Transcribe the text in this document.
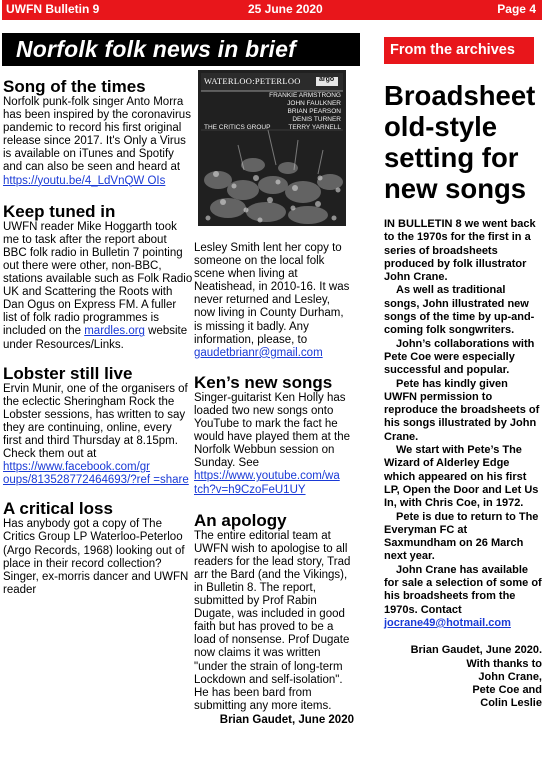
UWFN Bulletin 9	25 June 2020	Page 4
Norfolk folk news in brief	From the archives
Song of the times

Norfolk punk-folk singer Anto Morra has been inspired by the coronavirus pandemic to record his first original release since 2017. It's Only a Virus is available on iTunes and Spotify and can also be seen and heard at https://youtu.be/4_LdVnQW OIs

Keep tuned in

UWFN reader Mike Hoggarth took me to task after the report about BBC folk radio in Bulletin 7 pointing out there were other, non-BBC, stations available such as Folk Radio UK and Scattering the Roots with Dan Ogus on Express FM. A fuller list of folk radio programmes is included on the mardles.org website under Resources/Links.

Lobster still live

Ervin Munir, one of the organisers of the eclectic Sheringham Rock the Lobster sessions, has written to say they are continuing, online, every first and third Thursday at 8.15pm. Check them out at https://www.facebook.com/gr oups/813528772464693/?ref =share

A critical loss

Has anybody got a copy of The Critics Group LP Waterloo-Peterloo (Argo Records, 1968) looking out of place in their record collection? Singer, ex-morris dancer and UWFN reader

WATERLOO:PETERLOO	argo
FRANKIE ARMSTRONG
JOHN FAULKNER
BRIAN PEARSON
DENIS TURNER
TERRY YARNELL
THE CRITICS GROUP

Lesley Smith lent her copy to someone on the local folk scene when living at Neatishead, in 2010-16. It was never returned and Lesley, now living in County Durham, is missing it badly. Any information, please, to gaudetbrianr@gmail.com

Ken’s new songs

Singer-guitarist Ken Holly has loaded two new songs onto YouTube to mark the fact he would have played them at the Norfolk Webbun session on Sunday. See https://www.youtube.com/wa tch?v=h9CzoFeU1UY

An apology

The entire editorial team at UWFN wish to apologise to all readers for the lead story, Trad arr the Bard (and the Vikings), in Bulletin 8. The report, submitted by Prof Rabin Dugate, was included in good faith but has proved to be a load of nonsense. Prof Dugate now claims it was written "under the strain of long-term Lockdown and self-isolation". He has been bard from submitting any more items.

Brian Gaudet, June 2020

Broadsheet old-style setting for new songs

IN BULLETIN 8 we went back to the 1970s for the first in a series of broadsheets produced by folk illustrator John Crane.

As well as traditional songs, John illustrated new songs of the time by up-and-coming folk songwriters.

John’s collaborations with Pete Coe were especially successful and popular.

Pete has kindly given UWFN permission to reproduce the broadsheets of his songs illustrated by John Crane.

We start with Pete’s The Wizard of Alderley Edge which appeared on his first LP, Open the Door and Let Us In, with Chris Coe, in 1972.

Pete is due to return to The Everyman FC at Saxmundham on 26 March next year.

John Crane has available for sale a selection of some of his broadsheets from the 1970s. Contact jocrane49@hotmail.com

Brian Gaudet, June 2020.
With thanks to
John Crane,
Pete Coe and
Colin Leslie
